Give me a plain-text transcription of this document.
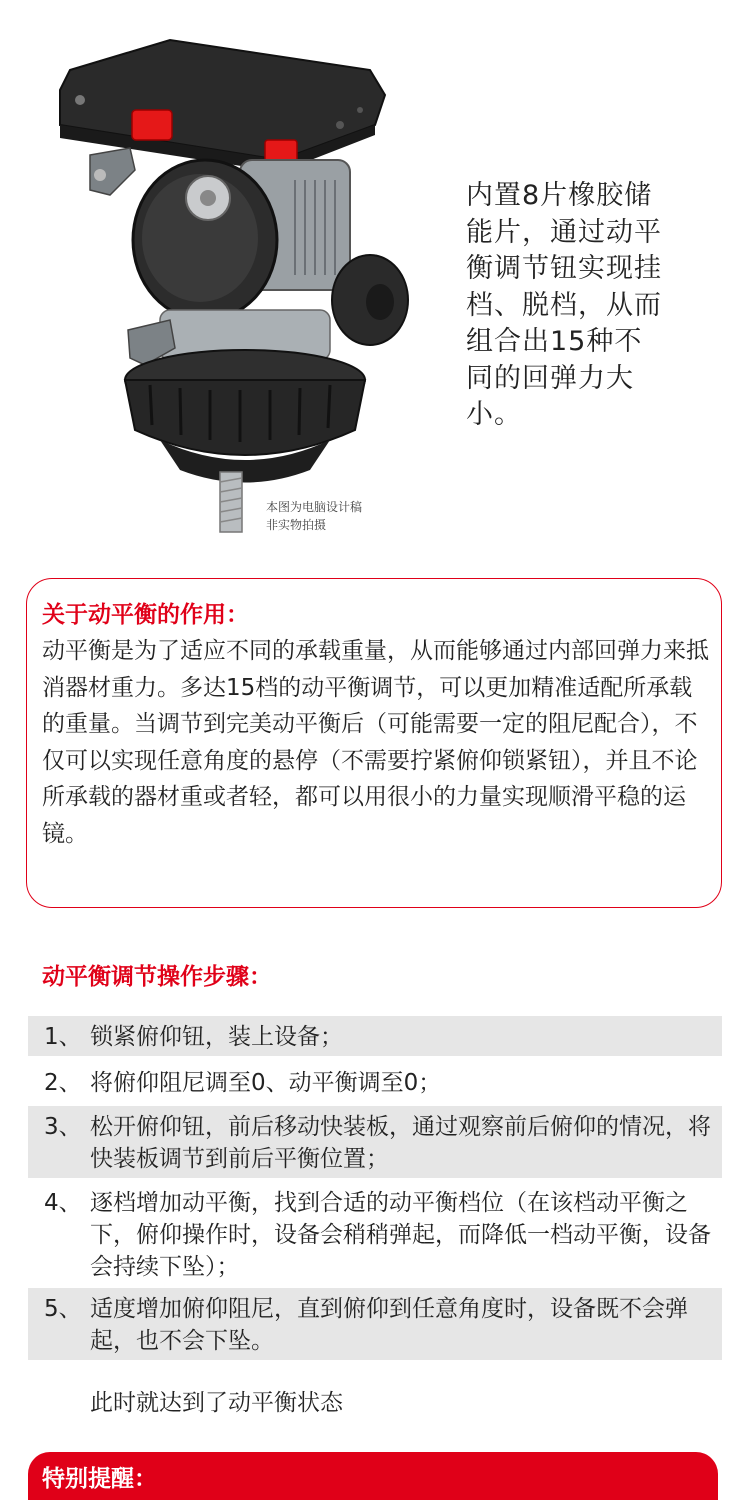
本图为电脑设计稿
非实物拍摄
内置8片橡胶储能片，通过动平衡调节钮实现挂档、脱档，从而组合出15种不同的回弹力大小。
关于动平衡的作用：
动平衡是为了适应不同的承载重量，从而能够通过内部回弹力来抵消器材重力。多达15档的动平衡调节，可以更加精准适配所承载的重量。当调节到完美动平衡后（可能需要一定的阻尼配合），不仅可以实现任意角度的悬停（不需要拧紧俯仰锁紧钮），并且不论所承载的器材重或者轻，都可以用很小的力量实现顺滑平稳的运镜。
动平衡调节操作步骤：
1、 锁紧俯仰钮，装上设备；
2、 将俯仰阻尼调至0、动平衡调至0；
3、 松开俯仰钮，前后移动快装板，通过观察前后俯仰的情况，将快装板调节到前后平衡位置；
4、 逐档增加动平衡，找到合适的动平衡档位（在该档动平衡之下，俯仰操作时，设备会稍稍弹起，而降低一档动平衡，设备会持续下坠）；
5、 适度增加俯仰阻尼，直到俯仰到任意角度时，设备既不会弹起，也不会下坠。
此时就达到了动平衡状态
特别提醒：
